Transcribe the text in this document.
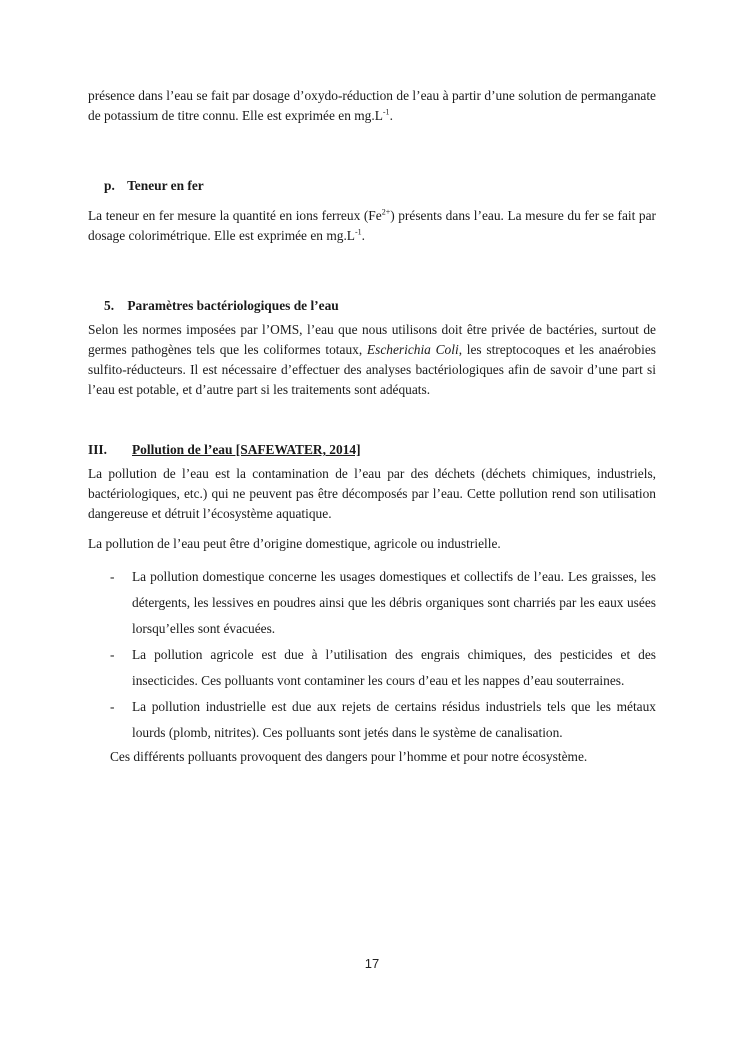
présence dans l’eau se fait par dosage d’oxydo-réduction de l’eau à partir d’une solution de permanganate de potassium de titre connu. Elle est exprimée en $mg.L^{-1}$.

p. Teneur en fer

La teneur en fer mesure la quantité en ions ferreux $(Fe^{2+})$ présents dans l’eau. La mesure du fer se fait par dosage colorimétrique. Elle est exprimée en $mg.L^{-1}$.

5. Paramètres bactériologiques de l’eau

Selon les normes imposées par l’OMS, l’eau que nous utilisons doit être privée de bactéries, surtout de germes pathogènes tels que les coliformes totaux, Escherichia Coli, les streptocoques et les anaérobies sulfito-réducteurs. Il est nécessaire d’effectuer des analyses bactériologiques afin de savoir d’une part si l’eau est potable, et d’autre part si les traitements sont adéquats.

III. Pollution de l’eau [SAFEWATER, 2014]

La pollution de l’eau est la contamination de l’eau par des déchets (déchets chimiques, industriels, bactériologiques, etc.) qui ne peuvent pas être décomposés par l’eau. Cette pollution rend son utilisation dangereuse et détruit l’écosystème aquatique.

La pollution de l’eau peut être d’origine domestique, agricole ou industrielle.

- La pollution domestique concerne les usages domestiques et collectifs de l’eau. Les graisses, les détergents, les lessives en poudres ainsi que les débris organiques sont charriés par les eaux usées lorsqu’elles sont évacuées.
- La pollution agricole est due à l’utilisation des engrais chimiques, des pesticides et des insecticides. Ces polluants vont contaminer les cours d’eau et les nappes d’eau souterraines.
- La pollution industrielle est due aux rejets de certains résidus industriels tels que les métaux lourds (plomb, nitrites). Ces polluants sont jetés dans le système de canalisation.

Ces différents polluants provoquent des dangers pour l’homme et pour notre écosystème.

17
